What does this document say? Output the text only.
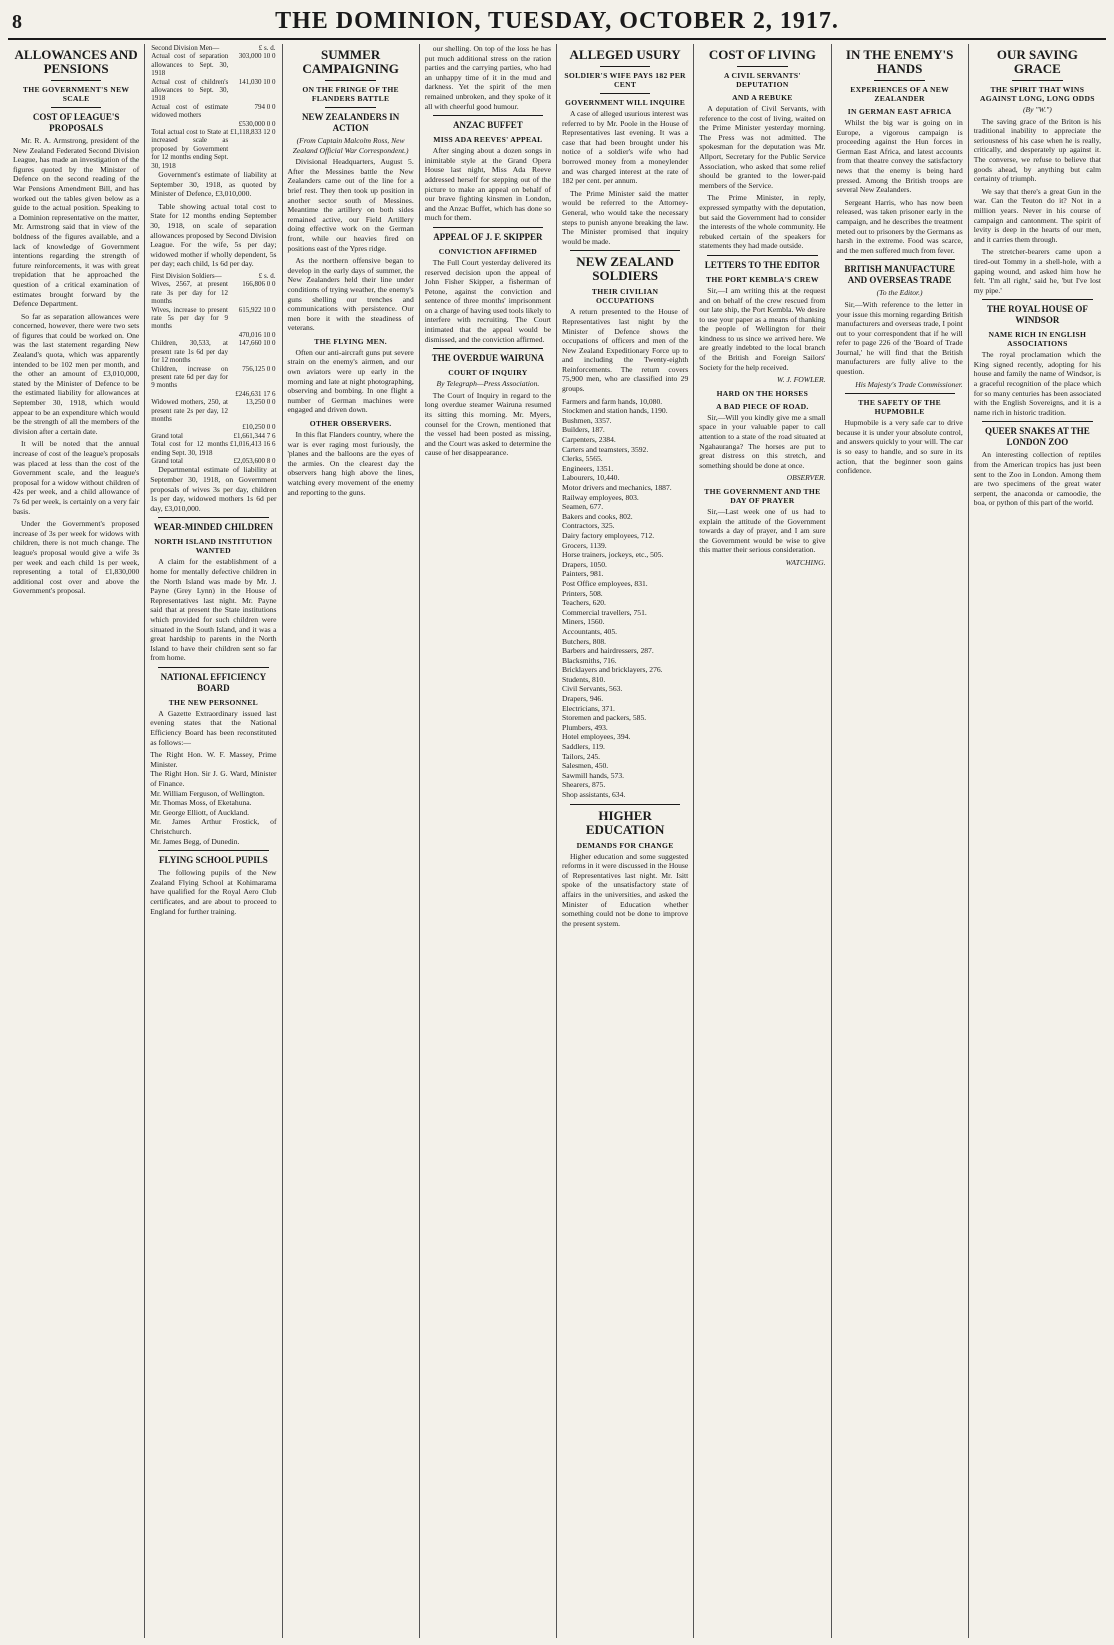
8	THE DOMINION, TUESDAY, OCTOBER 2, 1917.
ALLOWANCES AND PENSIONS
THE GOVERNMENT'S NEW SCALE
COST OF LEAGUE'S PROPOSALS

Mr. R. A. Armstrong, president of the New Zealand Federated Second Division League, has made an investigation of the figures quoted by the Minister of Defence on the second reading of the War Pensions Amendment Bill, and has worked out the tables given below as a guide to the actual position. Speaking to a Dominion representative on the matter, Mr. Armstrong said that in view of the boldness of the figures available, and a lack of knowledge of Government intentions regarding the strength of future reinforcements, it was with great trepidation that he approached the question of a critical examination of estimates brought forward by the Defence Department.

So far as separation allowances were concerned, however, there were two sets of figures that could be worked on. One was the last statement regarding New Zealand's quota, which was apparently intended to be 102 men per month, and the other an amount of £3,010,000, stated by the Minister of Defence to be the estimated liability for allowances at September 30, 1918, which would appear to be an expenditure which would be the strength of all the members of the division after a certain date.

It will be noted that the annual increase of cost of the league's proposals was placed at less than the cost of the Government scale, and the league's proposal for a widow without children of 42s per week, and a child allowance of 7s 6d per week, is certainly on a very fair basis.

Under the Government's proposed increase of 3s per week for widows with children, there is not much change. The league's proposal would give a wife 3s per week and each child 1s per week, representing a total of £1,830,000 additional cost over and above the Government's proposal.

Second Division Men—	£ s. d.
Actual cost of separation allowances to Sept. 30, 1918	303,000 10 0
Actual cost of children's allowances to Sept. 30, 1918	141,030 10 0
Actual cost of estimate widowed mothers	794 0 0
	£530,000 0 0
Total actual cost to State at increased scale as proposed by Government for 12 months ending Sept. 30, 1918	£1,118,833 12 0

Government's estimate of liability at September 30, 1918, as quoted by Minister of Defence, £3,010,000.

Table showing actual total cost to State for 12 months ending September 30, 1918, on scale of separation allowances proposed by Second Division League. For the wife, 5s per day; widowed mother if wholly dependent, 5s per day; each child, 1s 6d per day.

First Division Soldiers—	£ s. d.
Wives, 2567, at present rate 3s per day for 12 months	166,806 0 0
Wives, increase to present rate 5s per day for 9 months	615,922 10 0
	470,016 10 0
Children, 30,533, at present rate 1s 6d per day for 12 months	147,660 10 0
Children, increase on present rate 6d per day for 9 months	756,125 0 0
	£246,631 17 6
Widowed mothers, 250, at present rate 2s per day, 12 months	13,250 0 0
	£10,250 0 0
Grand total	£1,661,344 7 6
Total cost for 12 months ending Sept. 30, 1918	£1,016,413 16 6
Grand total	£2,053,600 8 0

Departmental estimate of liability at September 30, 1918, on Government proposals of wives 3s per day, children 1s per day, widowed mothers 1s 6d per day, £3,010,000.

WEAR-MINDED CHILDREN
NORTH ISLAND INSTITUTION WANTED

A claim for the establishment of a home for mentally defective children in the North Island was made by Mr. J. Payne (Grey Lynn) in the House of Representatives last night. Mr. Payne said that at present the State institutions which provided for such children were situated in the South Island, and it was a great hardship to parents in the North Island to have their children sent so far from home.

NATIONAL EFFICIENCY BOARD
THE NEW PERSONNEL

A Gazette Extraordinary issued last evening states that the National Efficiency Board has been reconstituted as follows:—

The Right Hon. W. F. Massey, Prime Minister.

The Right Hon. Sir J. G. Ward, Minister of Finance.

Mr. William Ferguson, of Wellington.

Mr. Thomas Moss, of Eketahuna.

Mr. George Elliott, of Auckland.

Mr. James Arthur Frostick, of Christchurch.

Mr. James Begg, of Dunedin.

FLYING SCHOOL PUPILS

The following pupils of the New Zealand Flying School at Kohimarama have qualified for the Royal Aero Club certificates, and are about to proceed to England for further training.

SUMMER CAMPAIGNING
ON THE FRINGE OF THE FLANDERS BATTLE
NEW ZEALANDERS IN ACTION
(From Captain Malcolm Ross, New Zealand Official War Correspondent.)

Divisional Headquarters, August 5. After the Messines battle the New Zealanders came out of the line for a brief rest. They then took up position in another sector south of Messines. Meantime the artillery on both sides remained active, our Field Artillery doing effective work on the German front, while our heavies fired on positions east of the Ypres ridge.

As the northern offensive began to develop in the early days of summer, the New Zealanders held their line under conditions of trying weather, the enemy's guns shelling our trenches and communications with persistence. Our men bore it with the steadiness of veterans.

THE FLYING MEN.

Often our anti-aircraft guns put severe strain on the enemy's airmen, and our own aviators were up early in the morning and late at night photographing, observing and bombing. In one flight a number of German machines were engaged and driven down.

OTHER OBSERVERS.

In this flat Flanders country, where the war is ever raging most furiously, the 'planes and the balloons are the eyes of the armies. On the clearest day the observers hang high above the lines, watching every movement of the enemy and reporting to the guns.

our shelling. On top of the loss he has put much additional stress on the ration parties and the carrying parties, who had an unhappy time of it in the mud and darkness. Yet the spirit of the men remained unbroken, and they spoke of it all with cheerful good humour.

ANZAC BUFFET
MISS ADA REEVES' APPEAL

After singing about a dozen songs in inimitable style at the Grand Opera House last night, Miss Ada Reeve addressed herself for stepping out of the picture to make an appeal on behalf of our brave fighting kinsmen in London, and the Anzac Buffet, which has done so much for them.

APPEAL OF J. F. SKIPPER
CONVICTION AFFIRMED

The Full Court yesterday delivered its reserved decision upon the appeal of John Fisher Skipper, a fisherman of Petone, against the conviction and sentence of three months' imprisonment on a charge of having used tools likely to interfere with recruiting. The Court intimated that the appeal would be dismissed, and the conviction affirmed.

THE OVERDUE WAIRUNA
COURT OF INQUIRY
By Telegraph—Press Association.

The Court of Inquiry in regard to the long overdue steamer Wairuna resumed its sitting this morning. Mr. Myers, counsel for the Crown, mentioned that the vessel had been posted as missing, and the Court was asked to determine the cause of her disappearance.

ALLEGED USURY
SOLDIER'S WIFE PAYS 182 PER CENT
GOVERNMENT WILL INQUIRE

A case of alleged usurious interest was referred to by Mr. Poole in the House of Representatives last evening. It was a case that had been brought under his notice of a soldier's wife who had borrowed money from a moneylender and was charged interest at the rate of 182 per cent. per annum.

The Prime Minister said the matter would be referred to the Attorney-General, who would take the necessary steps to punish anyone breaking the law. The Minister promised that inquiry would be made.

NEW ZEALAND SOLDIERS
THEIR CIVILIAN OCCUPATIONS

A return presented to the House of Representatives last night by the Minister of Defence shows the occupations of officers and men of the New Zealand Expeditionary Force up to and including the Twenty-eighth Reinforcements. The return covers 75,900 men, who are classified into 29 groups.

Farmers and farm hands, 10,080.

Stockmen and station hands, 1190.

Bushmen, 3357.

Builders, 187.

Carpenters, 2384.

Carters and teamsters, 3592.

Clerks, 5565.

Engineers, 1351.

Labourers, 10,440.

Motor drivers and mechanics, 1887.

Railway employees, 803.

Seamen, 677.

Bakers and cooks, 802.

Contractors, 325.

Dairy factory employees, 712.

Grocers, 1139.

Horse trainers, jockeys, etc., 505.

Drapers, 1050.

Painters, 981.

Post Office employees, 831.

Printers, 508.

Teachers, 620.

Commercial travellers, 751.

Miners, 1560.

Accountants, 405.

Butchers, 808.

Barbers and hairdressers, 287.

Blacksmiths, 716.

Bricklayers and bricklayers, 276.

Students, 810.

Civil Servants, 563.

Drapers, 946.

Electricians, 371.

Storemen and packers, 585.

Plumbers, 493.

Hotel employees, 394.

Saddlers, 119.

Tailors, 245.

Salesmen, 450.

Sawmill hands, 573.

Shearers, 875.

Shop assistants, 634.

HIGHER EDUCATION
DEMANDS FOR CHANGE

Higher education and some suggested reforms in it were discussed in the House of Representatives last night. Mr. Isitt spoke of the unsatisfactory state of affairs in the universities, and asked the Minister of Education whether something could not be done to improve the present system.

COST OF LIVING
A CIVIL SERVANTS' DEPUTATION
AND A REBUKE

A deputation of Civil Servants, with reference to the cost of living, waited on the Prime Minister yesterday morning. The Press was not admitted. The spokesman for the deputation was Mr. Allport, Secretary for the Public Service Association, who asked that some relief should be granted to the lower-paid members of the Service.

The Prime Minister, in reply, expressed sympathy with the deputation, but said the Government had to consider the interests of the whole community. He rebuked certain of the speakers for statements they had made outside.

LETTERS TO THE EDITOR
THE PORT KEMBLA'S CREW

Sir,—I am writing this at the request and on behalf of the crew rescued from our late ship, the Port Kembla. We desire to use your paper as a means of thanking the people of Wellington for their kindness to us since we arrived here. We are greatly indebted to the local branch of the British and Foreign Sailors' Society for the help received.

W. J. FOWLER.
HARD ON THE HORSES
A BAD PIECE OF ROAD.

Sir,—Will you kindly give me a small space in your valuable paper to call attention to a state of the road situated at Ngahauranga? The horses are put to great distress on this stretch, and something should be done at once.

OBSERVER.
THE GOVERNMENT AND THE DAY OF PRAYER

Sir,—Last week one of us had to explain the attitude of the Government towards a day of prayer, and I am sure the Government would be wise to give this matter their serious consideration.

WATCHING.
IN THE ENEMY'S HANDS
EXPERIENCES OF A NEW ZEALANDER
IN GERMAN EAST AFRICA

Whilst the big war is going on in Europe, a vigorous campaign is proceeding against the Hun forces in German East Africa, and latest accounts from that theatre convey the satisfactory news that the enemy is being hard pressed. Among the British troops are several New Zealanders.

Sergeant Harris, who has now been released, was taken prisoner early in the campaign, and he describes the treatment meted out to prisoners by the Germans as harsh in the extreme. Food was scarce, and the men suffered much from fever.

BRITISH MANUFACTURE AND OVERSEAS TRADE
(To the Editor.)

Sir,—With reference to the letter in your issue this morning regarding British manufacturers and overseas trade, I point out to your correspondent that if he will refer to page 226 of the 'Board of Trade Journal,' he will find that the British manufacturers are fully alive to the question.

His Majesty's Trade Commissioner.
THE SAFETY OF THE HUPMOBILE

Hupmobile is a very safe car to drive because it is under your absolute control, and answers quickly to your will. The car is so easy to handle, and so sure in its action, that the beginner soon gains confidence.

OUR SAVING GRACE
THE SPIRIT THAT WINS AGAINST LONG, LONG ODDS
(By "W.")

The saving grace of the Briton is his traditional inability to appreciate the seriousness of his case when he is really, critically, and desperately up against it. The converse, we refuse to believe that goods ahead, by anything but calm certainty of triumph.

We say that there's a great Gun in the war. Can the Teuton do it? Not in a million years. Never in his course of campaign and cantonment. The spirit of levity is deep in the hearts of our men, and it carries them through.

The stretcher-bearers came upon a tired-out Tommy in a shell-hole, with a gaping wound, and asked him how he felt. 'I'm all right,' said he, 'but I've lost my pipe.'

THE ROYAL HOUSE OF WINDSOR
NAME RICH IN ENGLISH ASSOCIATIONS

The royal proclamation which the King signed recently, adopting for his house and family the name of Windsor, is a graceful recognition of the place which for so many centuries has been associated with the English Sovereigns, and it is a name rich in historic tradition.

QUEER SNAKES AT THE LONDON ZOO

An interesting collection of reptiles from the American tropics has just been sent to the Zoo in London. Among them are two specimens of the great water serpent, the anaconda or camoodie, the boa, or python of this part of the world.
